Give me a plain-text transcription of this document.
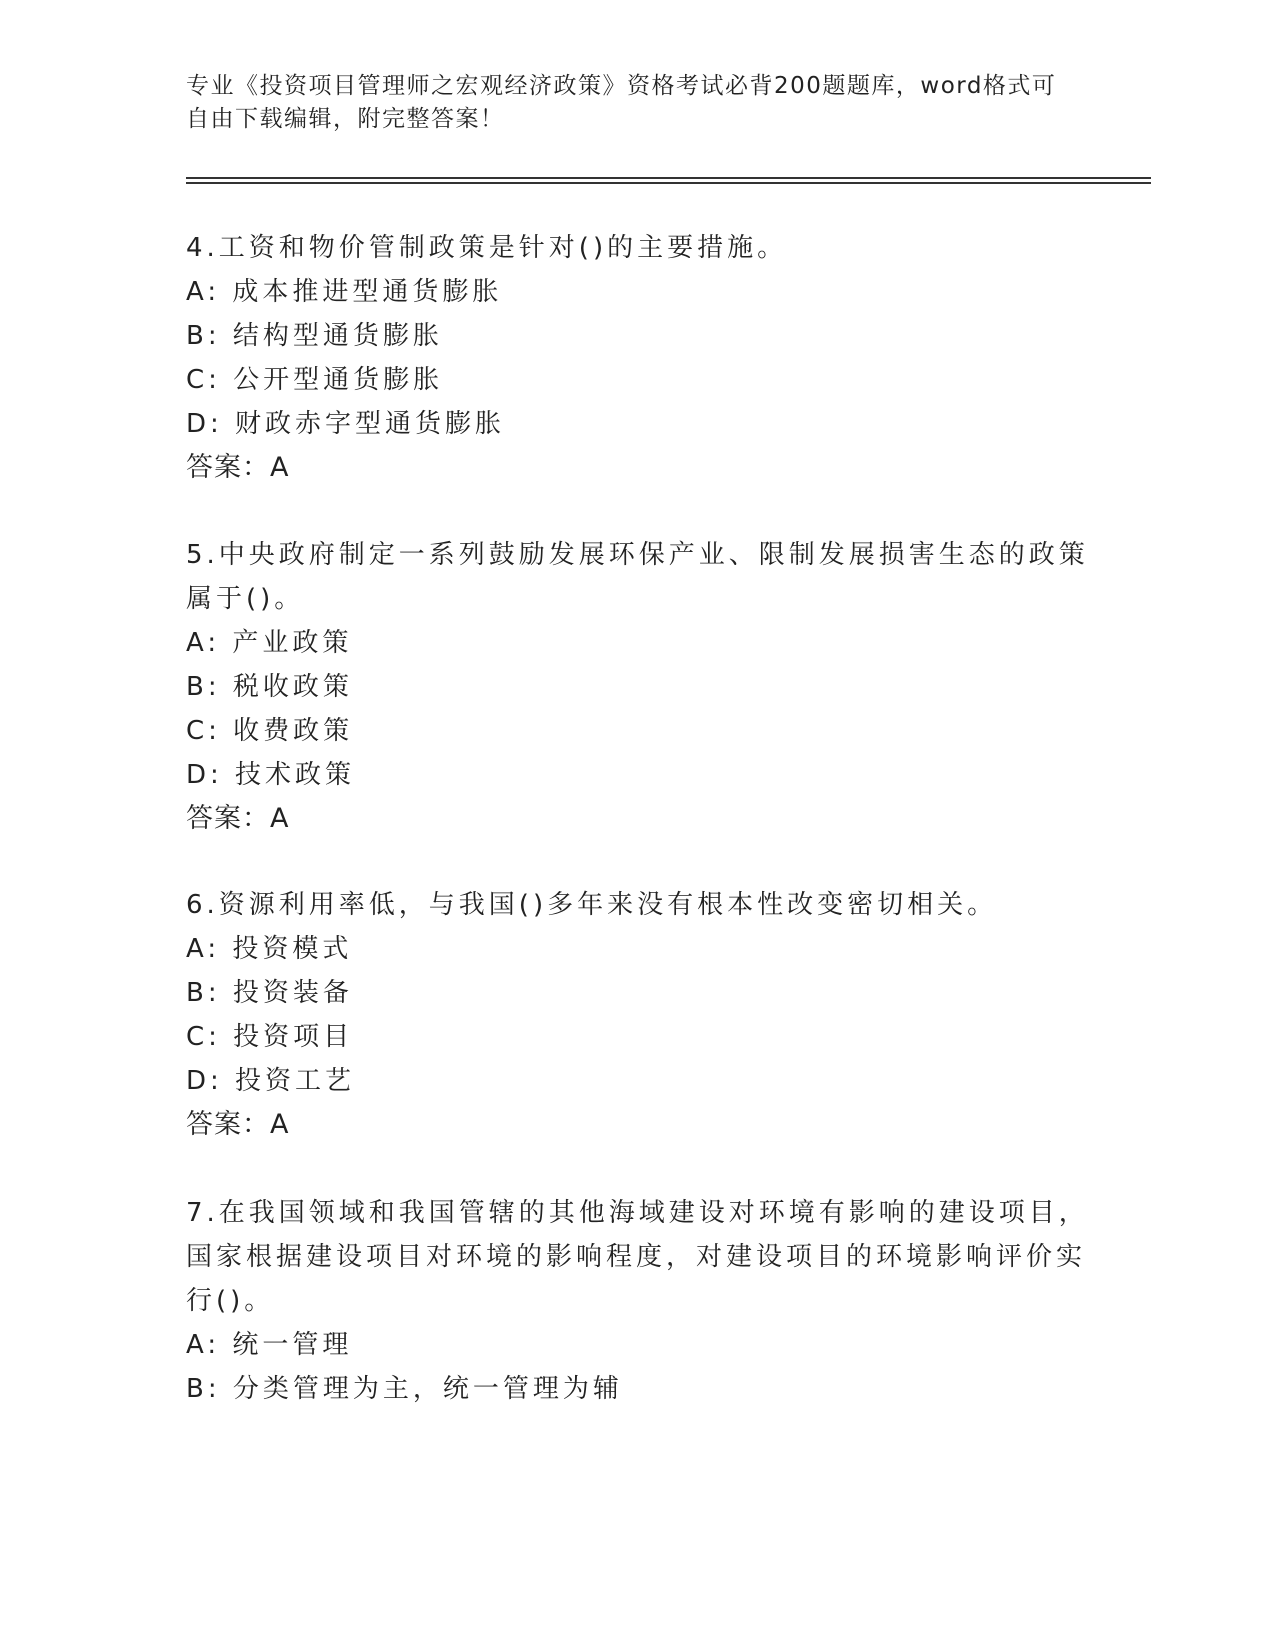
专业《投资项目管理师之宏观经济政策》资格考试必背200题题库，word格式可
自由下载编辑，附完整答案！
4.工资和物价管制政策是针对()的主要措施。
A: 成本推进型通货膨胀
B: 结构型通货膨胀
C: 公开型通货膨胀
D: 财政赤字型通货膨胀
答案：A
5.中央政府制定一系列鼓励发展环保产业、限制发展损害生态的政策
属于()。
A: 产业政策
B: 税收政策
C: 收费政策
D: 技术政策
答案：A
6.资源利用率低，与我国()多年来没有根本性改变密切相关。
A: 投资模式
B: 投资装备
C: 投资项目
D: 投资工艺
答案：A
7.在我国领域和我国管辖的其他海域建设对环境有影响的建设项目，
国家根据建设项目对环境的影响程度，对建设项目的环境影响评价实
行()。
A: 统一管理
B: 分类管理为主，统一管理为辅
